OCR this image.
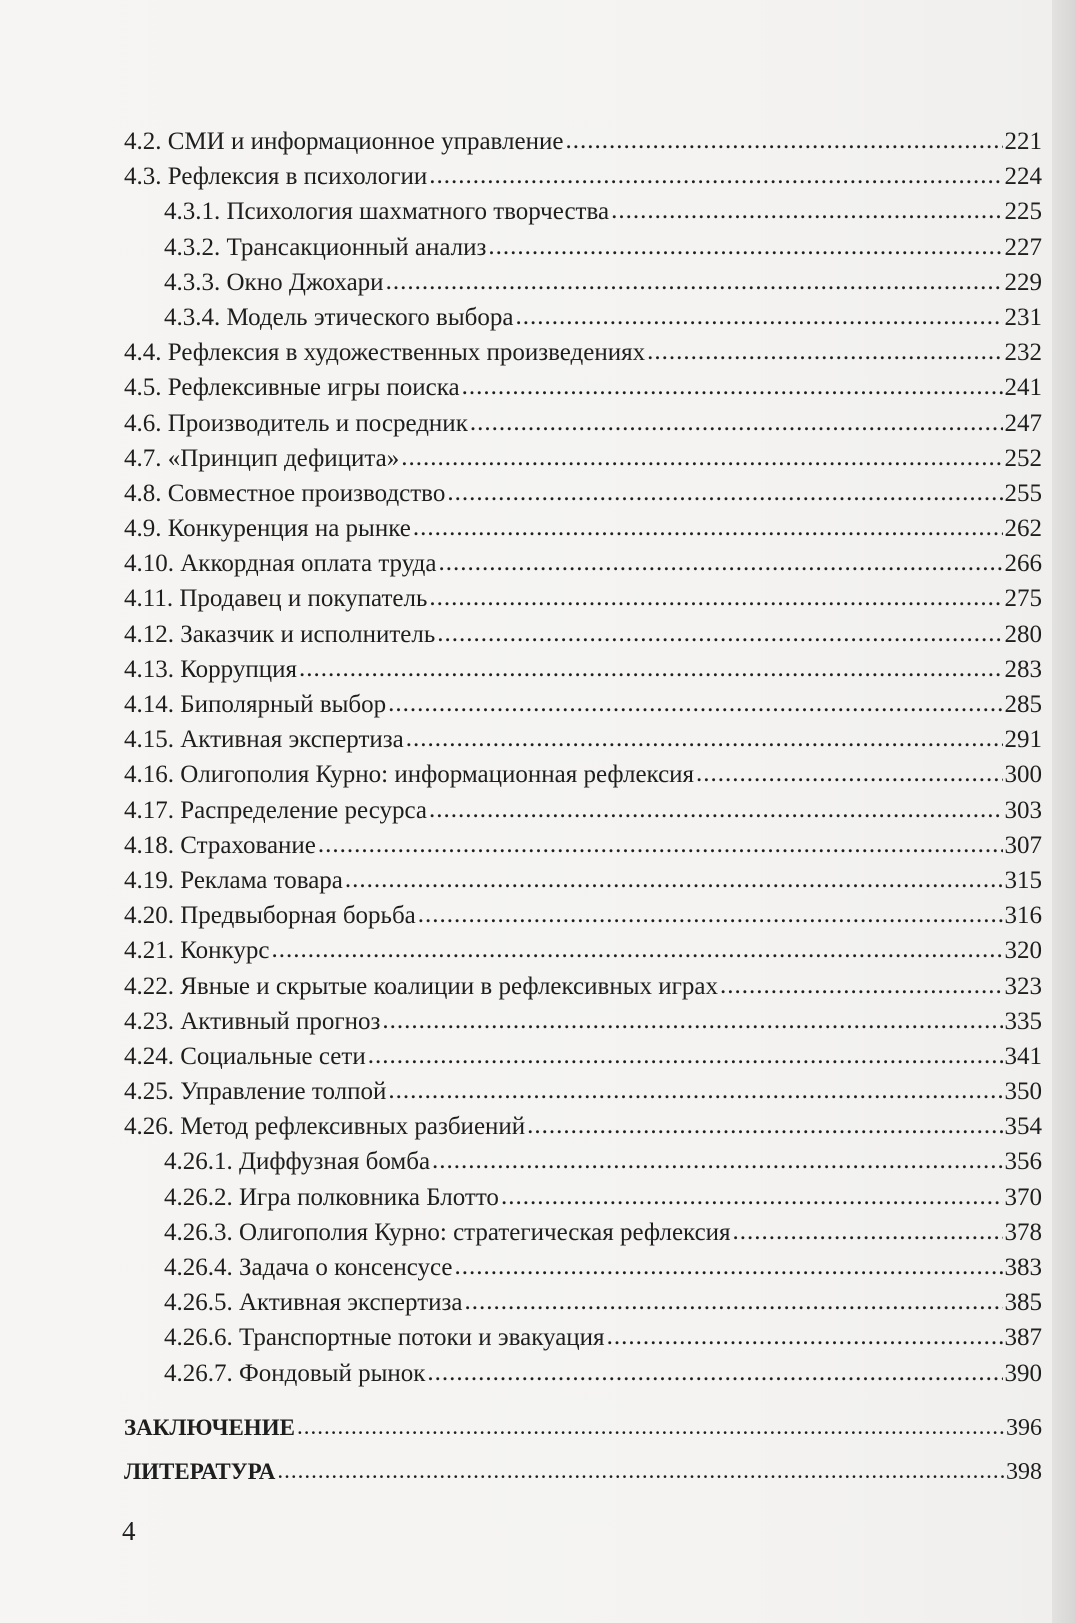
4.2. СМИ и информационное управление .....	221
4.3. Рефлексия в психологии .....	224
4.3.1. Психология шахматного творчества .....	225
4.3.2. Трансакционный анализ .....	227
4.3.3. Окно Джохари .....	229
4.3.4. Модель этического выбора .....	231
4.4. Рефлексия в художественных произведениях .....	232
4.5. Рефлексивные игры поиска .....	241
4.6. Производитель и посредник .....	247
4.7. «Принцип дефицита» .....	252
4.8. Совместное производство .....	255
4.9. Конкуренция на рынке .....	262
4.10. Аккордная оплата труда .....	266
4.11. Продавец и покупатель .....	275
4.12. Заказчик и исполнитель .....	280
4.13. Коррупция .....	283
4.14. Биполярный выбор .....	285
4.15. Активная экспертиза .....	291
4.16. Олигополия Курно: информационная рефлексия .....	300
4.17. Распределение ресурса .....	303
4.18. Страхование .....	307
4.19. Реклама товара .....	315
4.20. Предвыборная борьба .....	316
4.21. Конкурс .....	320
4.22. Явные и скрытые коалиции в рефлексивных играх .....	323
4.23. Активный прогноз .....	335
4.24. Социальные сети .....	341
4.25. Управление толпой .....	350
4.26. Метод рефлексивных разбиений .....	354
4.26.1. Диффузная бомба .....	356
4.26.2. Игра полковника Блотто .....	370
4.26.3. Олигополия Курно: стратегическая рефлексия .....	378
4.26.4. Задача о консенсусе .....	383
4.26.5. Активная экспертиза .....	385
4.26.6. Транспортные потоки и эвакуация .....	387
4.26.7. Фондовый рынок .....	390
ЗАКЛЮЧЕНИЕ .....	396
ЛИТЕРАТУРА .....	398
4
